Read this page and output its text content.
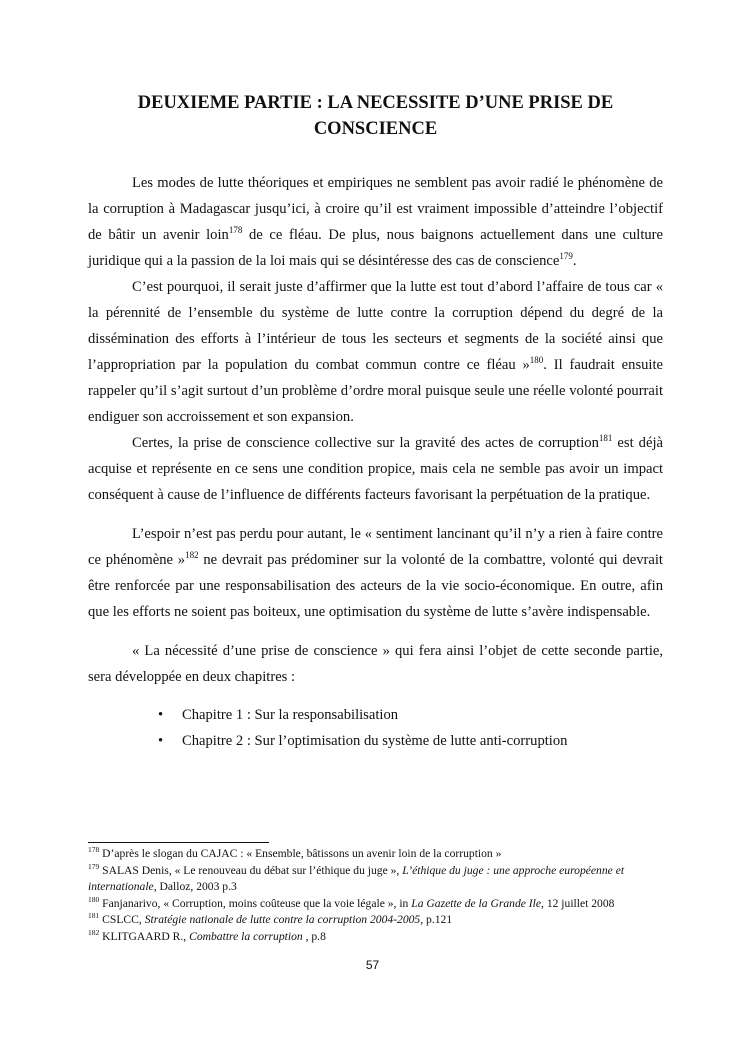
DEUXIEME PARTIE : LA NECESSITE D’UNE PRISE DE
CONSCIENCE

Les modes de lutte théoriques et empiriques ne semblent pas avoir radié le phénomène de la corruption à Madagascar jusqu’ici, à croire qu’il est vraiment impossible d’atteindre l’objectif de bâtir un avenir loin$^{178}$ de ce fléau. De plus, nous baignons actuellement dans une culture juridique qui a la passion de la loi mais qui se désintéresse des cas de conscience$^{179}$.

C’est pourquoi, il serait juste d’affirmer que la lutte est tout d’abord l’affaire de tous car « la pérennité de l’ensemble du système de lutte contre la corruption dépend du degré de la dissémination des efforts à l’intérieur de tous les secteurs et segments de la société ainsi que l’appropriation par la population du combat commun contre ce fléau »$^{180}$. Il faudrait ensuite rappeler qu’il s’agit surtout d’un problème d’ordre moral puisque seule une réelle volonté pourrait endiguer son accroissement et son expansion.

Certes, la prise de conscience collective sur la gravité des actes de corruption$^{181}$ est déjà acquise et représente en ce sens une condition propice, mais cela ne semble pas avoir un impact conséquent à cause de l’influence de différents facteurs favorisant la perpétuation de la pratique.

L’espoir n’est pas perdu pour autant, le « sentiment lancinant qu’il n’y a rien à faire contre ce phénomène »$^{182}$ ne devrait pas prédominer sur la volonté de la combattre, volonté qui devrait être renforcée par une responsabilisation des acteurs de la vie socio-économique. En outre, afin que les efforts ne soient pas boiteux, une optimisation du système de lutte s’avère indispensable.

« La nécessité d’une prise de conscience » qui fera ainsi l’objet de cette seconde partie, sera développée en deux chapitres :

• Chapitre 1 : Sur la responsabilisation
• Chapitre 2 : Sur l’optimisation du système de lutte anti-corruption
$^{178}$ D’après le slogan du CAJAC : « Ensemble, bâtissons un avenir loin de la corruption »
$^{179}$ SALAS Denis, « Le renouveau du débat sur l’éthique du juge », L’éthique du juge : une approche européenne et internationale, Dalloz, 2003 p.3
$^{180}$ Fanjanarivo, « Corruption, moins coûteuse que la voie légale », in La Gazette de la Grande Ile, 12 juillet 2008
$^{181}$ CSLCC, Stratégie nationale de lutte contre la corruption 2004-2005, p.121
$^{182}$ KLITGAARD R., Combattre la corruption , p.8
57
